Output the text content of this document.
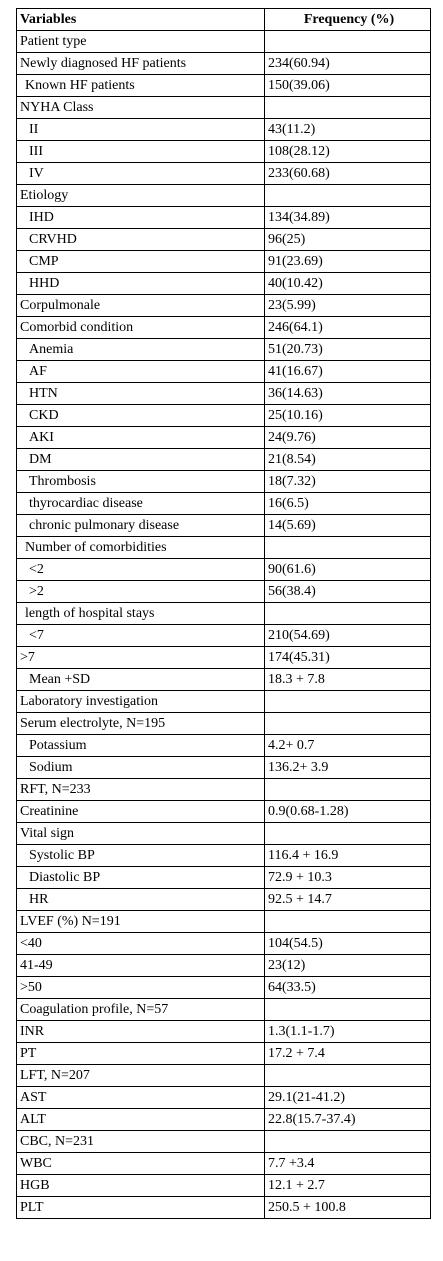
Variables	Frequency (%)
Patient type	
Newly diagnosed HF patients	234(60.94)
Known HF patients	150(39.06)
NYHA Class	
II	43(11.2)
III	108(28.12)
IV	233(60.68)
Etiology	
IHD	134(34.89)
CRVHD	96(25)
CMP	91(23.69)
HHD	40(10.42)
Corpulmonale	23(5.99)
Comorbid condition	246(64.1)
Anemia	51(20.73)
AF	41(16.67)
HTN	36(14.63)
CKD	25(10.16)
AKI	24(9.76)
DM	21(8.54)
Thrombosis	18(7.32)
thyrocardiac disease	16(6.5)
chronic pulmonary disease	14(5.69)
Number of comorbidities	
<2	90(61.6)
>2	56(38.4)
length of hospital stays	
<7	210(54.69)
>7	174(45.31)
Mean +SD	18.3 + 7.8
Laboratory investigation	
Serum electrolyte, N=195	
Potassium	4.2+ 0.7
Sodium	136.2+ 3.9
RFT, N=233	
Creatinine	0.9(0.68-1.28)
Vital sign	
Systolic BP	116.4 + 16.9
Diastolic BP	72.9 + 10.3
HR	92.5 + 14.7
LVEF (%) N=191	
<40	104(54.5)
41-49	23(12)
>50	64(33.5)
Coagulation profile, N=57	
INR	1.3(1.1-1.7)
PT	17.2 + 7.4
LFT, N=207	
AST	29.1(21-41.2)
ALT	22.8(15.7-37.4)
CBC, N=231	
WBC	7.7 +3.4
HGB	12.1 + 2.7
PLT	250.5 + 100.8
